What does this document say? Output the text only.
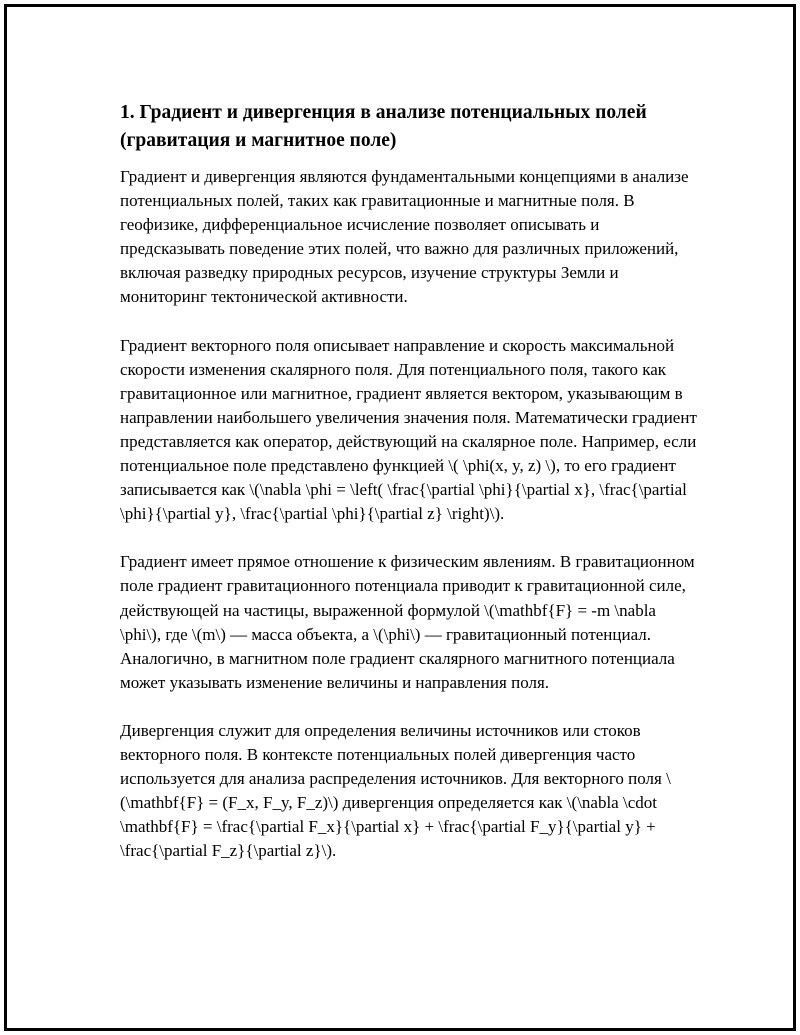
1. Градиент и дивергенция в анализе потенциальных полей (гравитация и магнитное поле)

Градиент и дивергенция являются фундаментальными концепциями в анализе потенциальных полей, таких как гравитационные и магнитные поля. В геофизике, дифференциальное исчисление позволяет описывать и предсказывать поведение этих полей, что важно для различных приложений, включая разведку природных ресурсов, изучение структуры Земли и мониторинг тектонической активности.

Градиент векторного поля описывает направление и скорость максимальной скорости изменения скалярного поля. Для потенциального поля, такого как гравитационное или магнитное, градиент является вектором, указывающим в направлении наибольшего увеличения значения поля. Математически градиент представляется как оператор, действующий на скалярное поле. Например, если потенциальное поле представлено функцией \( \phi(x, y, z) \), то его градиент записывается как \(\nabla \phi = \left( \frac{\partial \phi}{\partial x}, \frac{\partial \phi}{\partial y}, \frac{\partial \phi}{\partial z} \right)\).

Градиент имеет прямое отношение к физическим явлениям. В гравитационном поле градиент гравитационного потенциала приводит к гравитационной силе, действующей на частицы, выраженной формулой \(\mathbf{F} = -m \nabla \phi\), где \(m\) — масса объекта, а \(\phi\) — гравитационный потенциал. Аналогично, в магнитном поле градиент скалярного магнитного потенциала может указывать изменение величины и направления поля.

Дивергенция служит для определения величины источников или стоков векторного поля. В контексте потенциальных полей дивергенция часто используется для анализа распределения источников. Для векторного поля \(\mathbf{F} = (F_x, F_y, F_z)\) дивергенция определяется как \(\nabla \cdot \mathbf{F} = \frac{\partial F_x}{\partial x} + \frac{\partial F_y}{\partial y} + \frac{\partial F_z}{\partial z}\).
